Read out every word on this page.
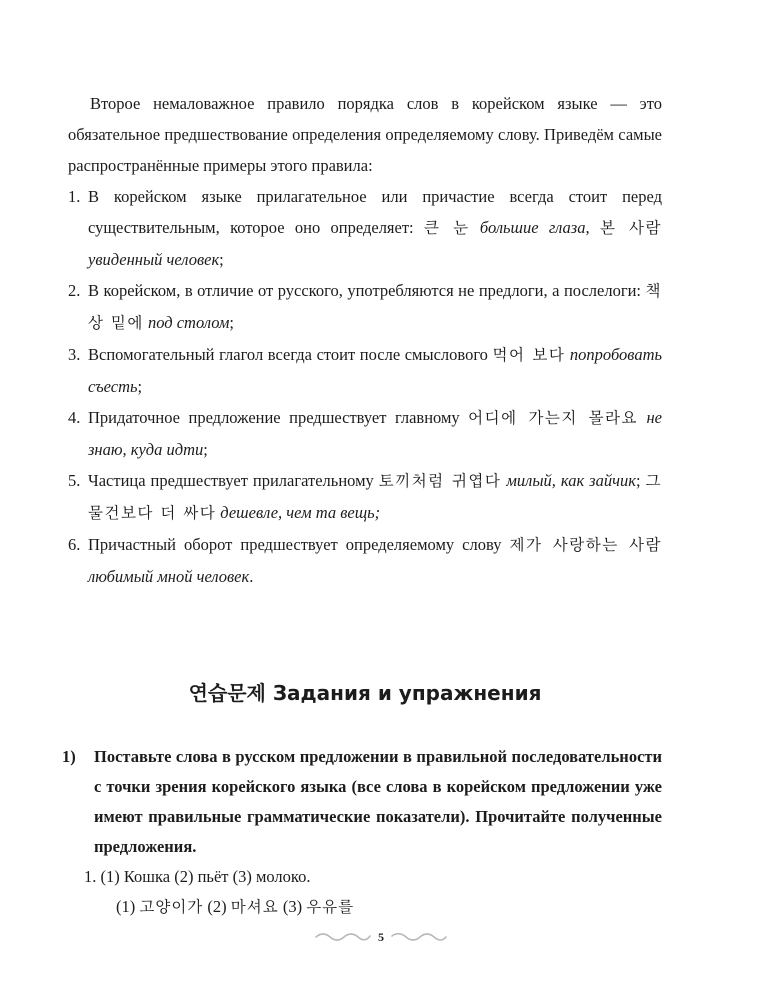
Второе немаловажное правило порядка слов в корейском языке — это обязательное предшествование определения определяемому слову. Приведём самые распространённые примеры этого правила:

1. В корейском языке прилагательное или причастие всегда стоит перед существительным, которое оно определяет: 큰 눈 большие глаза, 본 사람 увиденный человек;
2. В корейском, в отличие от русского, употребляются не предлоги, а послелоги: 책상 밑에 под столом;
3. Вспомогательный глагол всегда стоит после смыслового 먹어 보다 попробовать съесть;
4. Придаточное предложение предшествует главному 어디에 가는지 몰라요 не знаю, куда идти;
5. Частица предшествует прилагательному 토끼처럼 귀엽다 милый, как зайчик; 그 물건보다 더 싸다 дешевле, чем та вещь;
6. Причастный оборот предшествует определяемому слову 제가 사랑하는 사람 любимый мной человек.
연습문제 Задания и упражнения
1) Поставьте слова в русском предложении в правильной последовательности с точки зрения корейского языка (все слова в корейском предложении уже имеют правильные грамматические показатели). Прочитайте полученные предложения.
1. (1) Кошка (2) пьёт (3) молоко.
(1) 고양이가 (2) 마셔요 (3) 우유를
5
